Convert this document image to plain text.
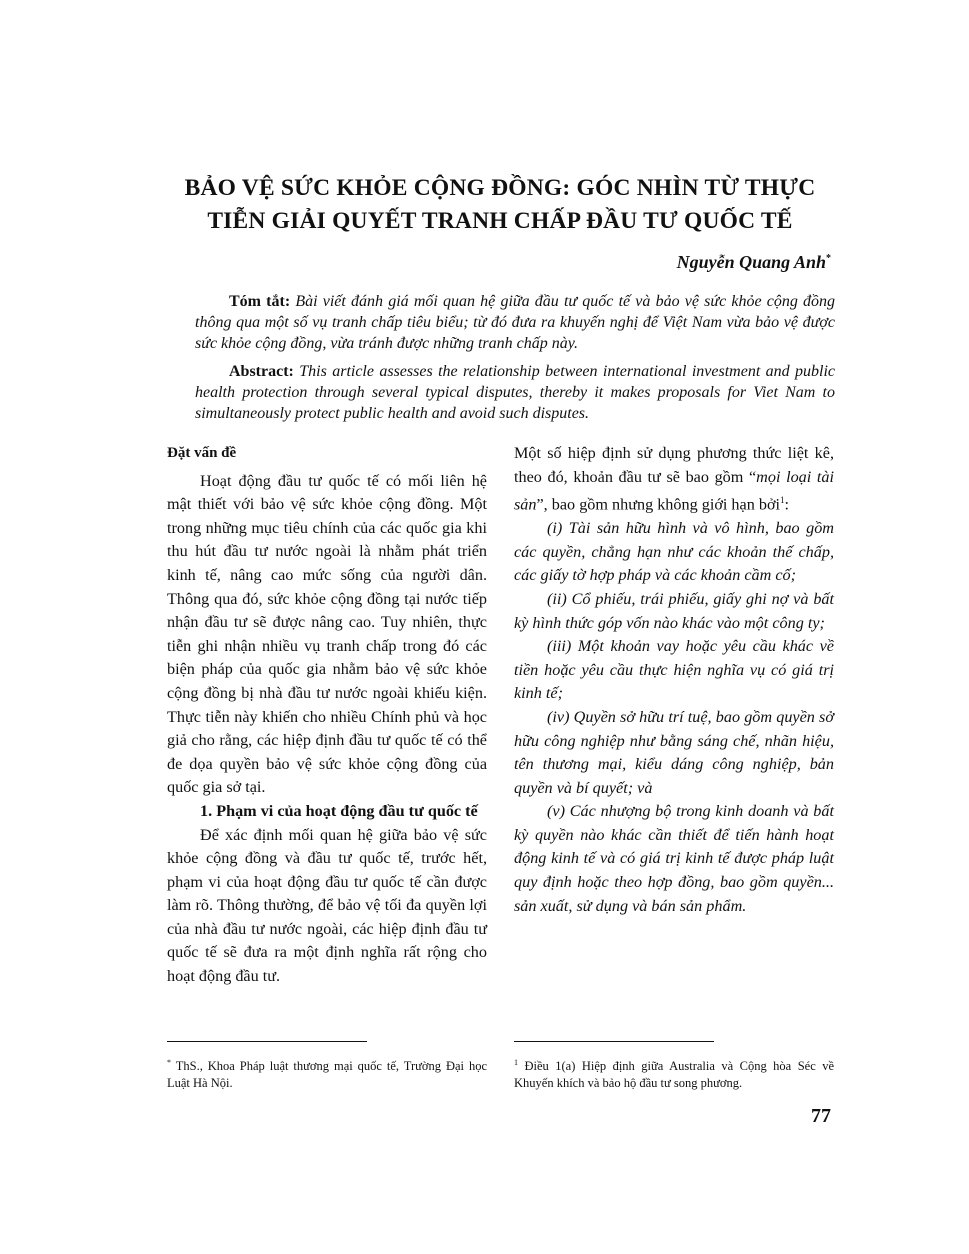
BẢO VỆ SỨC KHỎE CỘNG ĐỒNG: GÓC NHÌN TỪ THỰC
TIỄN GIẢI QUYẾT TRANH CHẤP ĐẦU TƯ QUỐC TẾ
Nguyễn Quang Anh*
Tóm tắt: Bài viết đánh giá mối quan hệ giữa đầu tư quốc tế và bảo vệ sức khỏe cộng đồng thông qua một số vụ tranh chấp tiêu biểu; từ đó đưa ra khuyến nghị để Việt Nam vừa bảo vệ được sức khỏe cộng đồng, vừa tránh được những tranh chấp này.
Abstract: This article assesses the relationship between international investment and public health protection through several typical disputes, thereby it makes proposals for Viet Nam to simultaneously protect public health and avoid such disputes.

Đặt vấn đề

Hoạt động đầu tư quốc tế có mối liên hệ mật thiết với bảo vệ sức khỏe cộng đồng. Một trong những mục tiêu chính của các quốc gia khi thu hút đầu tư nước ngoài là nhằm phát triển kinh tế, nâng cao mức sống của người dân. Thông qua đó, sức khỏe cộng đồng tại nước tiếp nhận đầu tư sẽ được nâng cao. Tuy nhiên, thực tiễn ghi nhận nhiều vụ tranh chấp trong đó các biện pháp của quốc gia nhằm bảo vệ sức khỏe cộng đồng bị nhà đầu tư nước ngoài khiếu kiện. Thực tiễn này khiến cho nhiều Chính phủ và học giả cho rằng, các hiệp định đầu tư quốc tế có thể đe dọa quyền bảo vệ sức khỏe cộng đồng của quốc gia sở tại.

1. Phạm vi của hoạt động đầu tư quốc tế

Để xác định mối quan hệ giữa bảo vệ sức khỏe cộng đồng và đầu tư quốc tế, trước hết, phạm vi của hoạt động đầu tư quốc tế cần được làm rõ. Thông thường, để bảo vệ tối đa quyền lợi của nhà đầu tư nước ngoài, các hiệp định đầu tư quốc tế sẽ đưa ra một định nghĩa rất rộng cho hoạt động đầu tư.

Một số hiệp định sử dụng phương thức liệt kê, theo đó, khoản đầu tư sẽ bao gồm “mọi loại tài sản”, bao gồm nhưng không giới hạn bởi$^1$:

(i) Tài sản hữu hình và vô hình, bao gồm các quyền, chẳng hạn như các khoản thế chấp, các giấy tờ hợp pháp và các khoản cầm cố;

(ii) Cổ phiếu, trái phiếu, giấy ghi nợ và bất kỳ hình thức góp vốn nào khác vào một công ty;

(iii) Một khoản vay hoặc yêu cầu khác về tiền hoặc yêu cầu thực hiện nghĩa vụ có giá trị kinh tế;

(iv) Quyền sở hữu trí tuệ, bao gồm quyền sở hữu công nghiệp như bằng sáng chế, nhãn hiệu, tên thương mại, kiểu dáng công nghiệp, bản quyền và bí quyết; và

(v) Các nhượng bộ trong kinh doanh và bất kỳ quyền nào khác cần thiết để tiến hành hoạt động kinh tế và có giá trị kinh tế được pháp luật quy định hoặc theo hợp đồng, bao gồm quyền... sản xuất, sử dụng và bán sản phẩm.

* ThS., Khoa Pháp luật thương mại quốc tế, Trường Đại học Luật Hà Nội.
$^1$ Điều 1(a) Hiệp định giữa Australia và Cộng hòa Séc về Khuyến khích và bảo hộ đầu tư song phương.
77
